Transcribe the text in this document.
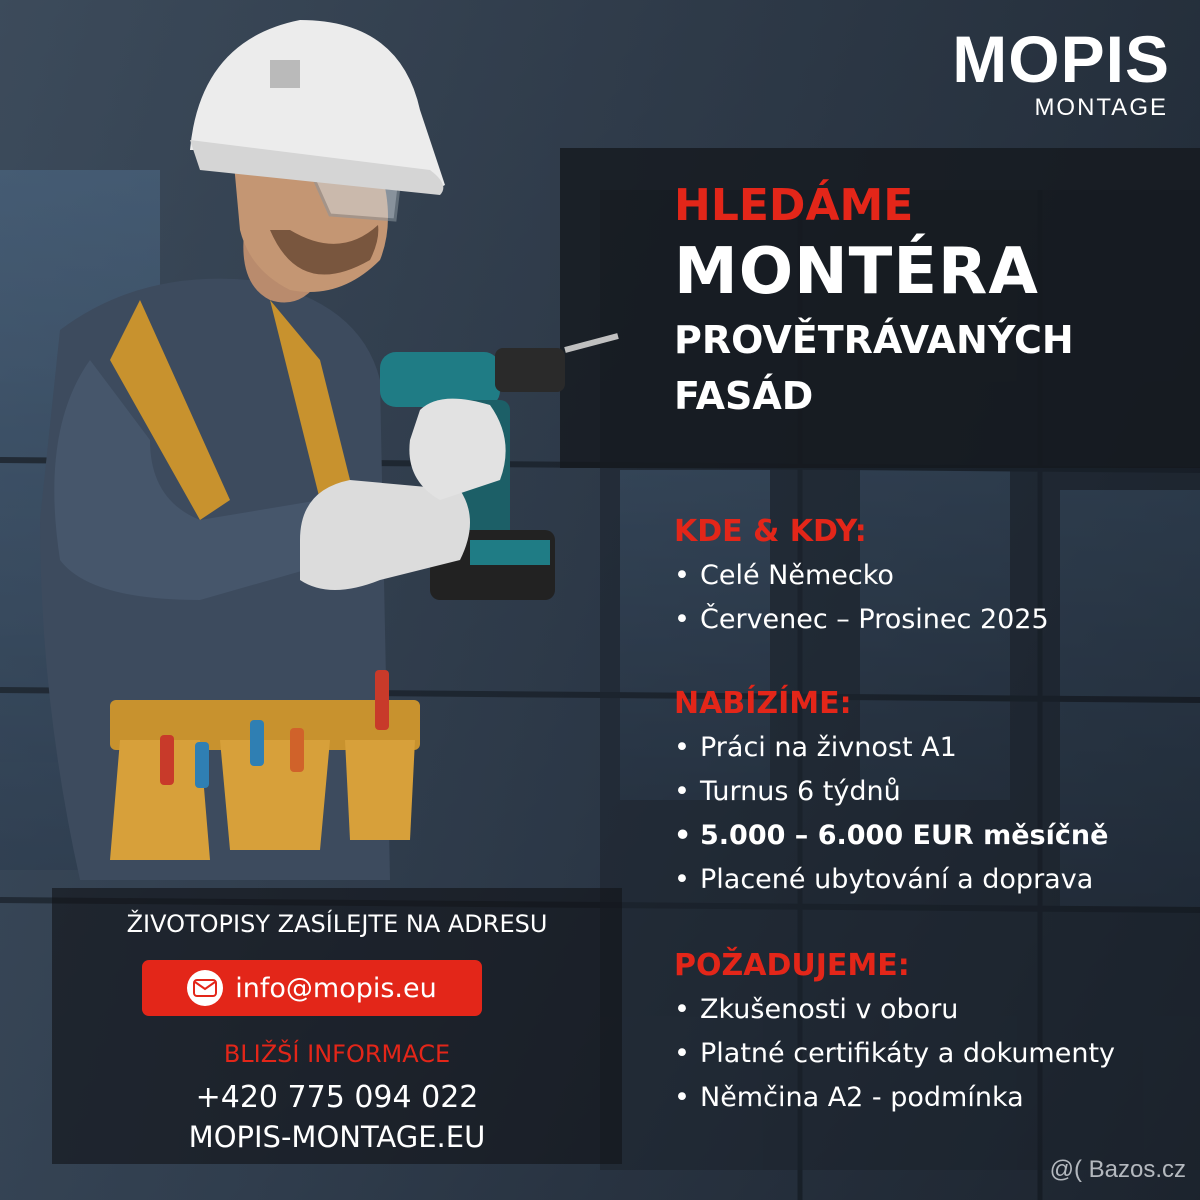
MOPIS
MONTAGE
HLEDÁME
MONTÉRA
PROVĚTRÁVANÝCH
FASÁD
KDE & KDY:
• Celé Německo
• Červenec – Prosinec 2025
NABÍZÍME:
• Práci na živnost A1
• Turnus 6 týdnů
• 5.000 – 6.000 EUR měsíčně
• Placené ubytování a doprava
POŽADUJEME:
• Zkušenosti v oboru
• Platné certifikáty a dokumenty
• Němčina A2 - podmínka
ŽIVOTOPISY ZASÍLEJTE NA ADRESU
info@mopis.eu
BLIŽŠÍ INFORMACE
+420 775 094 022
MOPIS-MONTAGE.EU
@( Bazos.cz
